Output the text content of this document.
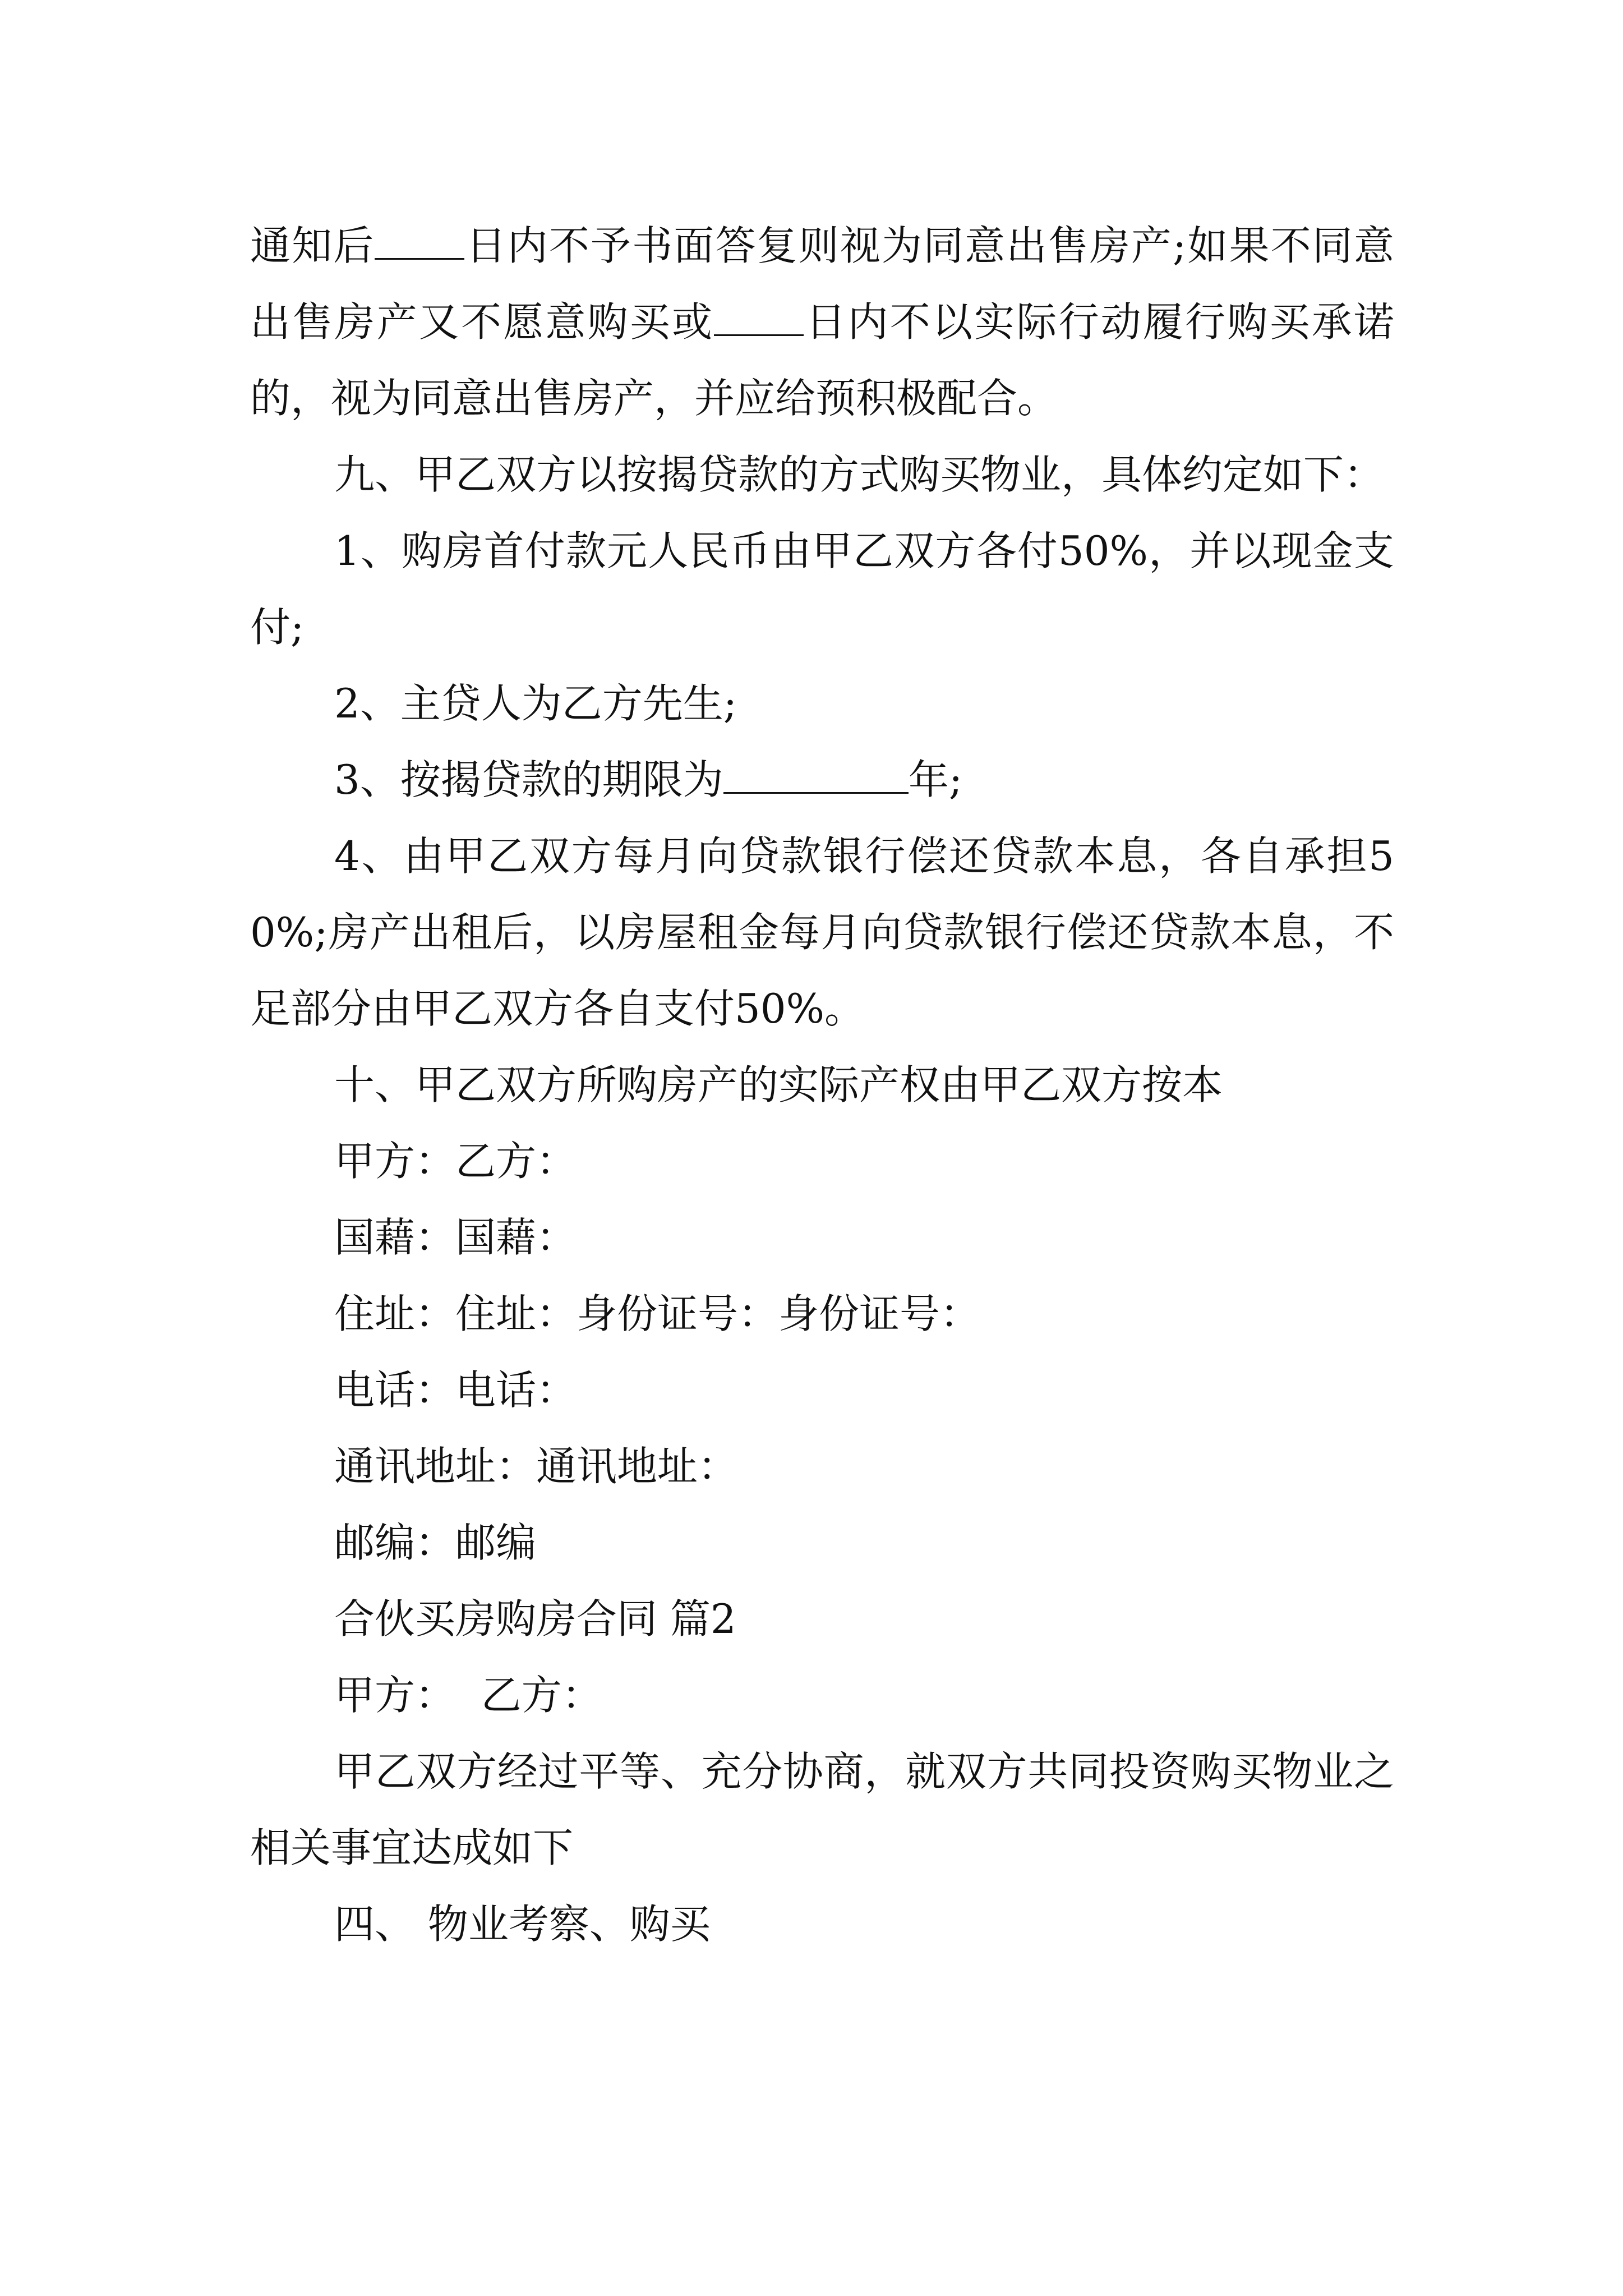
通知后 日内不予书面答复则视为同意出售房产;如果不同意出售房产又不愿意购买或 日内不以实际行动履行购买承诺的，视为同意出售房产，并应给预积极配合。

九、甲乙双方以按揭贷款的方式购买物业，具体约定如下：

1、购房首付款元人民币由甲乙双方各付50%，并以现金支付;

2、主贷人为乙方先生;

3、按揭贷款的期限为	年;

4、由甲乙双方每月向贷款银行偿还贷款本息，各自承担50%;房产出租后，以房屋租金每月向贷款银行偿还贷款本息，不足部分由甲乙双方各自支付50%。

十、甲乙双方所购房产的实际产权由甲乙双方按本

甲方：乙方：

国藉：国藉：

住址：住址：身份证号：身份证号：

电话：电话：

通讯地址：通讯地址：

邮编：邮编

合伙买房购房合同 篇2

甲方：  乙方：

甲乙双方经过平等、充分协商，就双方共同投资购买物业之相关事宜达成如下

四、 物业考察、购买
